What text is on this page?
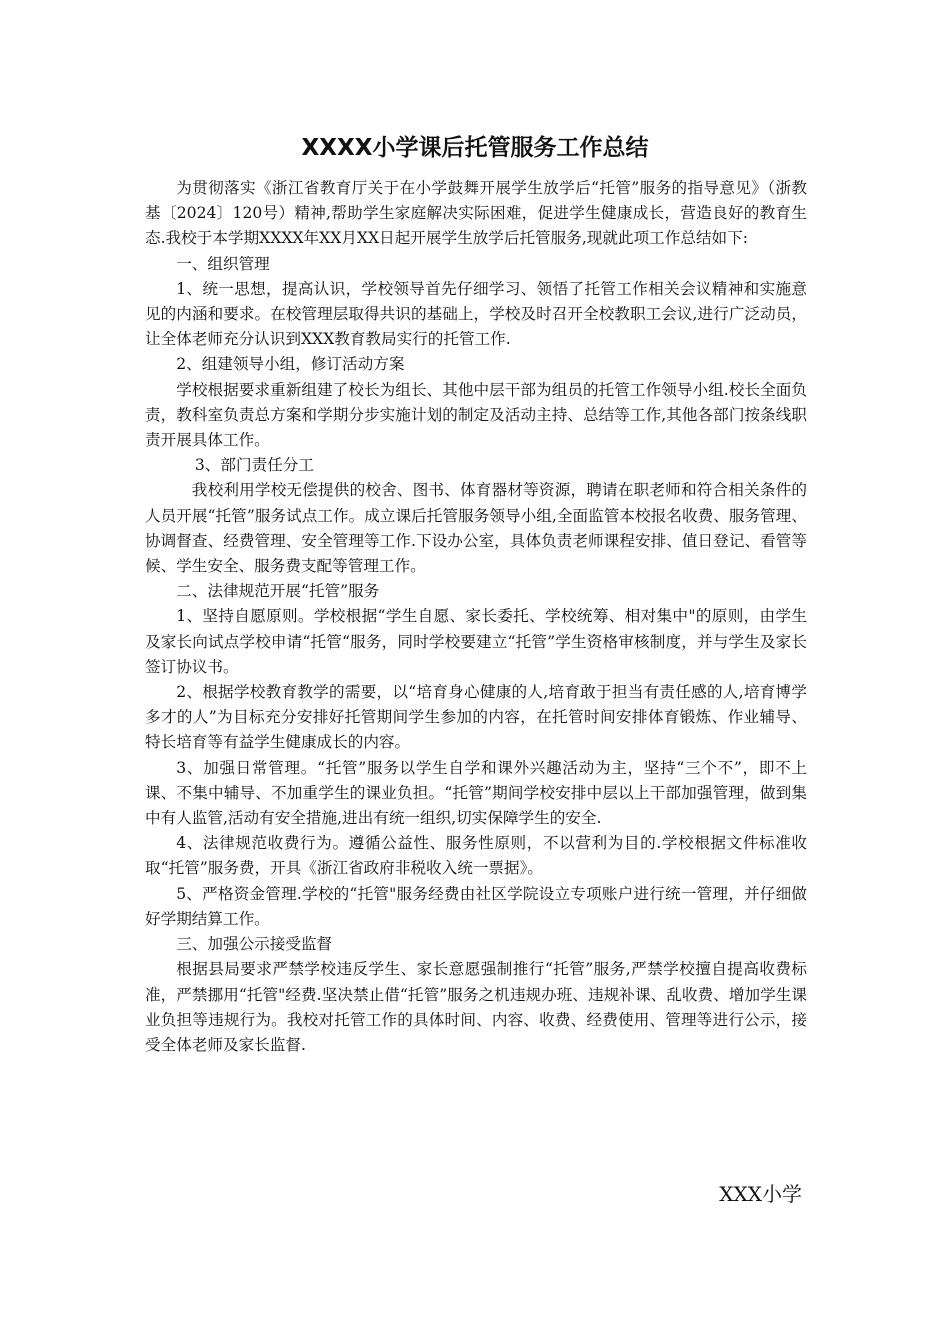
XXXX小学课后托管服务工作总结

为贯彻落实《浙江省教育厅关于在小学鼓舞开展学生放学后“托管”服务的指导意见》（浙教基〔2024〕120号）精神,帮助学生家庭解决实际困难，促进学生健康成长，营造良好的教育生态.我校于本学期XXXX年XX月XX日起开展学生放学后托管服务,现就此项工作总结如下:

一、组织管理

1、统一思想，提高认识，学校领导首先仔细学习、领悟了托管工作相关会议精神和实施意见的内涵和要求。在校管理层取得共识的基础上，学校及时召开全校教职工会议,进行广泛动员，让全体老师充分认识到XXX教育教局实行的托管工作.

2、组建领导小组，修订活动方案

学校根据要求重新组建了校长为组长、其他中层干部为组员的托管工作领导小组.校长全面负责，教科室负责总方案和学期分步实施计划的制定及活动主持、总结等工作,其他各部门按条线职责开展具体工作。

3、部门责任分工

我校利用学校无偿提供的校舍、图书、体育器材等资源，聘请在职老师和符合相关条件的人员开展“托管”服务试点工作。成立课后托管服务领导小组,全面监管本校报名收费、服务管理、协调督查、经费管理、安全管理等工作.下设办公室，具体负责老师课程安排、值日登记、看管等候、学生安全、服务费支配等管理工作。

二、法律规范开展“托管”服务

1、坚持自愿原则。学校根据“学生自愿、家长委托、学校统筹、相对集中"的原则，由学生及家长向试点学校申请“托管“服务，同时学校要建立“托管”学生资格审核制度，并与学生及家长签订协议书。

2、根据学校教育教学的需要，以“培育身心健康的人,培育敢于担当有责任感的人,培育博学多才的人”为目标充分安排好托管期间学生参加的内容，在托管时间安排体育锻炼、作业辅导、特长培育等有益学生健康成长的内容。

3、加强日常管理。“托管”服务以学生自学和课外兴趣活动为主，坚持“三个不”，即不上课、不集中辅导、不加重学生的课业负担。“托管”期间学校安排中层以上干部加强管理，做到集中有人监管,活动有安全措施,进出有统一组织,切实保障学生的安全.

4、法律规范收费行为。遵循公益性、服务性原则，不以营利为目的.学校根据文件标准收取“托管”服务费，开具《浙江省政府非税收入统一票据》。

5、严格资金管理.学校的“托管"服务经费由社区学院设立专项账户进行统一管理，并仔细做好学期结算工作。

三、加强公示接受监督

根据县局要求严禁学校违反学生、家长意愿强制推行“托管”服务,严禁学校擅自提高收费标准，严禁挪用“托管"经费.坚决禁止借“托管”服务之机违规办班、违规补课、乱收费、增加学生课业负担等违规行为。我校对托管工作的具体时间、内容、收费、经费使用、管理等进行公示，接受全体老师及家长监督.

XXX小学
